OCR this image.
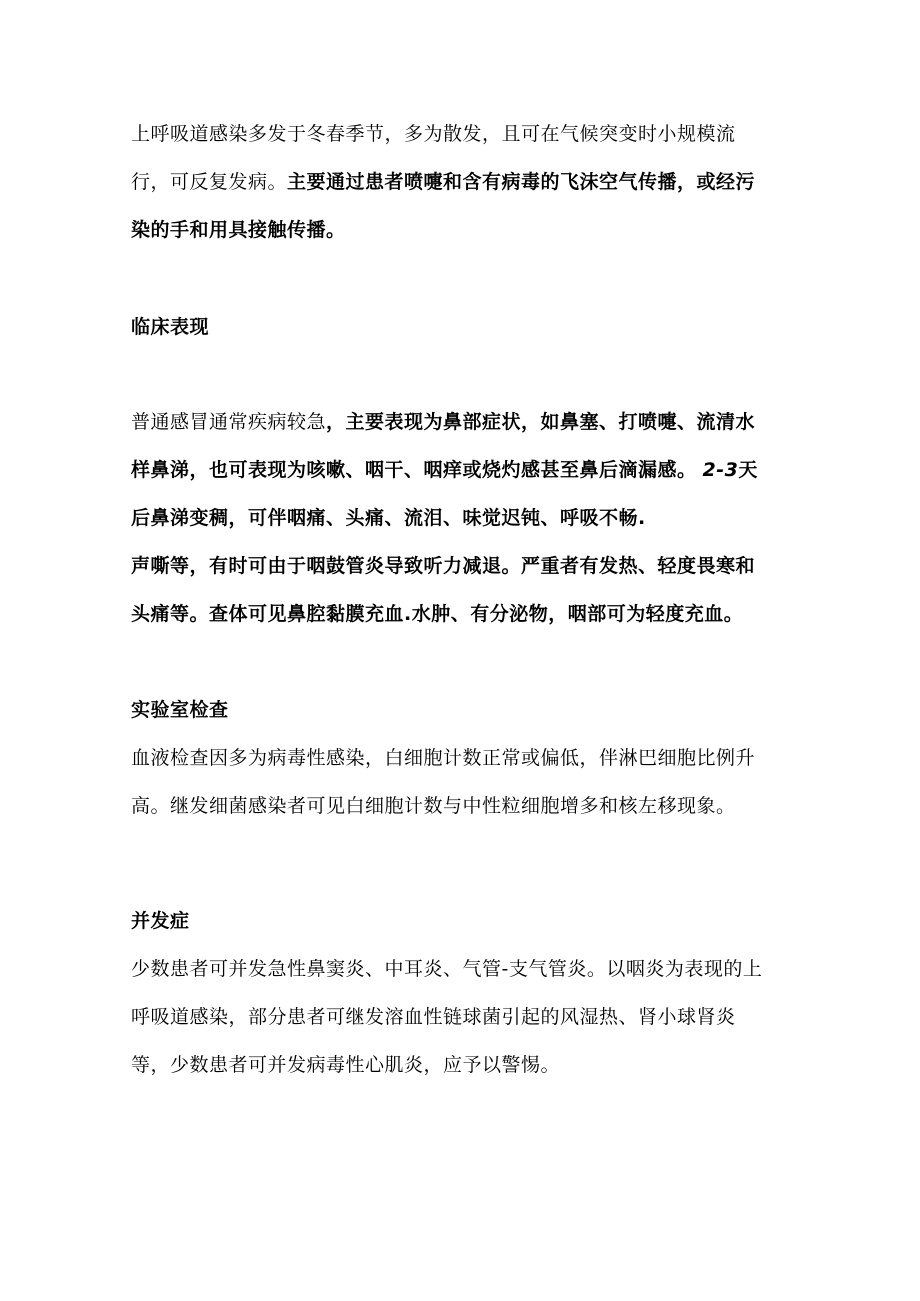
上呼吸道感染多发于冬春季节，多为散发，且可在气候突变时小规模流
行，可反复发病。主要通过患者喷嚏和含有病毒的飞沫空气传播，或经污
染的手和用具接触传播。
临床表现
普通感冒通常疾病较急，主要表现为鼻部症状，如鼻塞、打喷嚏、流清水
样鼻涕，也可表现为咳嗽、咽干、咽痒或烧灼感甚至鼻后滴漏感。 2-3天
后鼻涕变稠，可伴咽痛、头痛、流泪、味觉迟钝、呼吸不畅.
声嘶等，有时可由于咽鼓管炎导致听力减退。严重者有发热、轻度畏寒和
头痛等。查体可见鼻腔黏膜充血.水肿、有分泌物，咽部可为轻度充血。
实验室检查
血液检查因多为病毒性感染，白细胞计数正常或偏低，伴淋巴细胞比例升
高。继发细菌感染者可见白细胞计数与中性粒细胞增多和核左移现象。
并发症
少数患者可并发急性鼻窦炎、中耳炎、气管-支气管炎。以咽炎为表现的上
呼吸道感染，部分患者可继发溶血性链球菌引起的风湿热、肾小球肾炎
等，少数患者可并发病毒性心肌炎，应予以警惕。
